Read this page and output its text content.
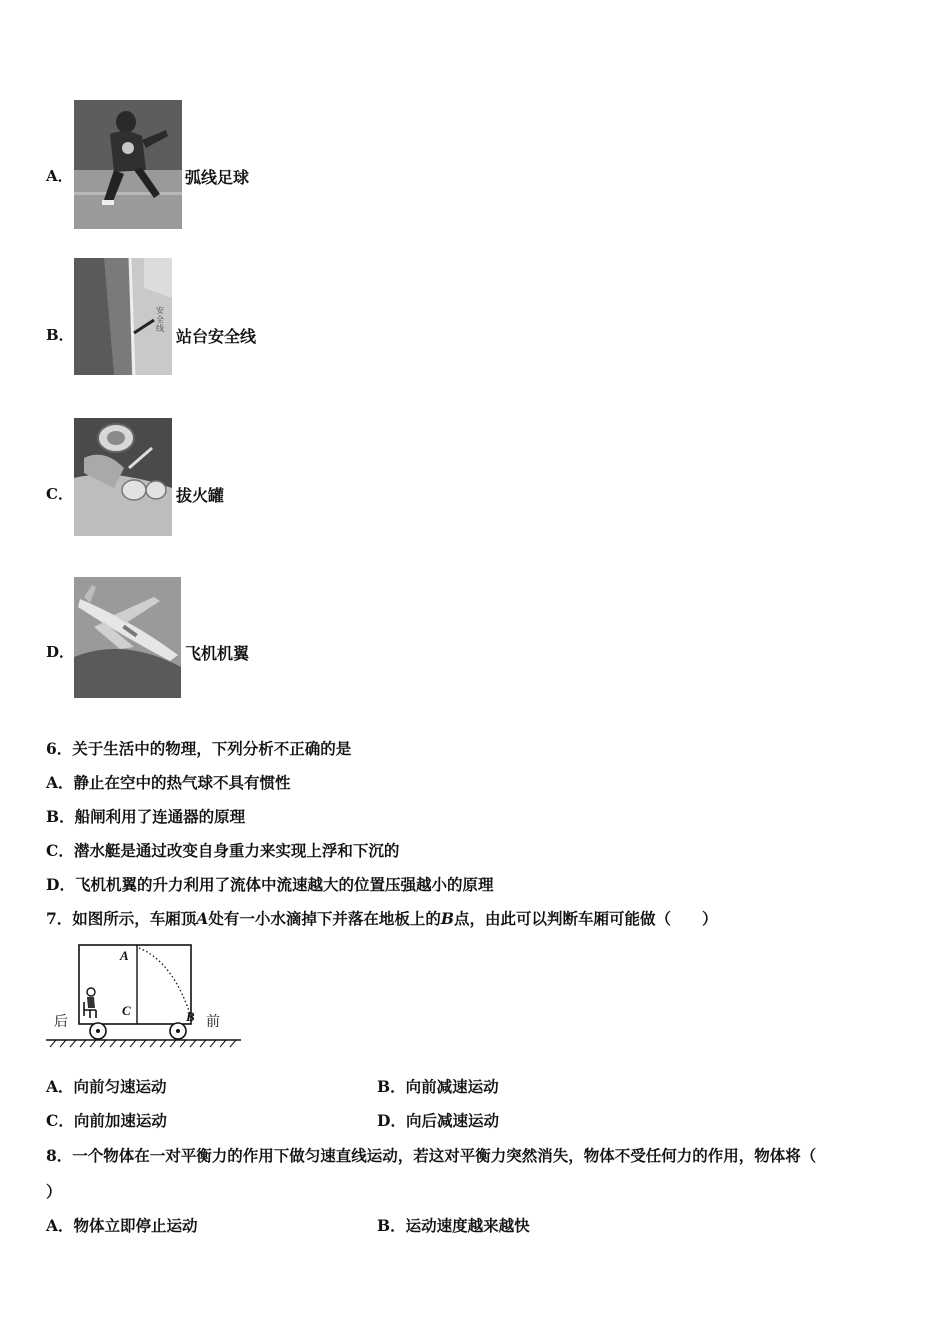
A．	弧线足球
B．
安
全
线 站台安全线
C．	拔火罐
D．	飞机机翼
6．关于生活中的物理，下列分析不正确的是
A．静止在空中的热气球不具有惯性
B．船闸利用了连通器的原理
C．潜水艇是通过改变自身重力来实现上浮和下沉的
D．飞机机翼的升力利用了流体中流速越大的位置压强越小的原理
7．如图所示，车厢顶A处有一小水滴掉下并落在地板上的B点，由此可以判断车厢可能做（　　）
A
C	B
后	前
A．向前匀速运动	B．向前减速运动
C．向前加速运动	D．向后减速运动
8．一个物体在一对平衡力的作用下做匀速直线运动，若这对平衡力突然消失，物体不受任何力的作用，物体将（
）
A．物体立即停止运动	B．运动速度越来越快
